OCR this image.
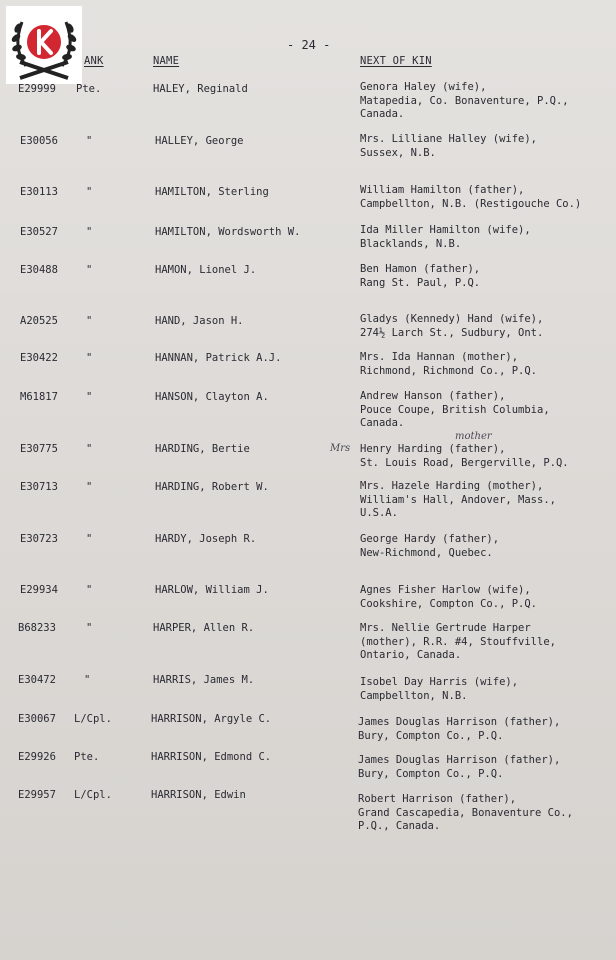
- 24 -
ANK	NAME	NEXT OF KIN
E29999 Pte.	HALEY, Reginald	Genora Haley (wife),
Matapedia, Co. Bonaventure, P.Q.,
Canada.
E30056	"	HALLEY, George	Mrs. Lilliane Halley (wife),
Sussex, N.B.
E30113	"	HAMILTON, Sterling	William Hamilton (father),
Campbellton, N.B. (Restigouche Co.)
E30527	"	HAMILTON, Wordsworth W.	Ida Miller Hamilton (wife),
Blacklands, N.B.
E30488	"	HAMON, Lionel J.	Ben Hamon (father),
Rang St. Paul, P.Q.
A20525	"	HAND, Jason H.	Gladys (Kennedy) Hand (wife),
274½ Larch St., Sudbury, Ont.
E30422	"	HANNAN, Patrick A.J.	Mrs. Ida Hannan (mother),
Richmond, Richmond Co., P.Q.
M61817	"	HANSON, Clayton A.	Andrew Hanson (father),
Pouce Coupe, British Columbia,
Canada.
E30775	"	HARDING, Bertie	Mrs
mother
Henry Harding (father),
St. Louis Road, Bergerville, P.Q.
E30713	"	HARDING, Robert W.	Mrs. Hazele Harding (mother),
William's Hall, Andover, Mass.,
U.S.A.
E30723	"	HARDY, Joseph R.	George Hardy (father),
New-Richmond, Quebec.
E29934	"	HARLOW, William J.	Agnes Fisher Harlow (wife),
Cookshire, Compton Co., P.Q.
B68233	"	HARPER, Allen R.	Mrs. Nellie Gertrude Harper
(mother), R.R. #4, Stouffville,
Ontario, Canada.
E30472	"	HARRIS, James M.	Isobel Day Harris (wife),
Campbellton, N.B.
E30067 L/Cpl.	HARRISON, Argyle C.	James Douglas Harrison (father),
Bury, Compton Co., P.Q.
E29926 Pte.	HARRISON, Edmond C.	James Douglas Harrison (father),
Bury, Compton Co., P.Q.
E29957 L/Cpl.	HARRISON, Edwin	Robert Harrison (father),
Grand Cascapedia, Bonaventure Co.,
P.Q., Canada.
